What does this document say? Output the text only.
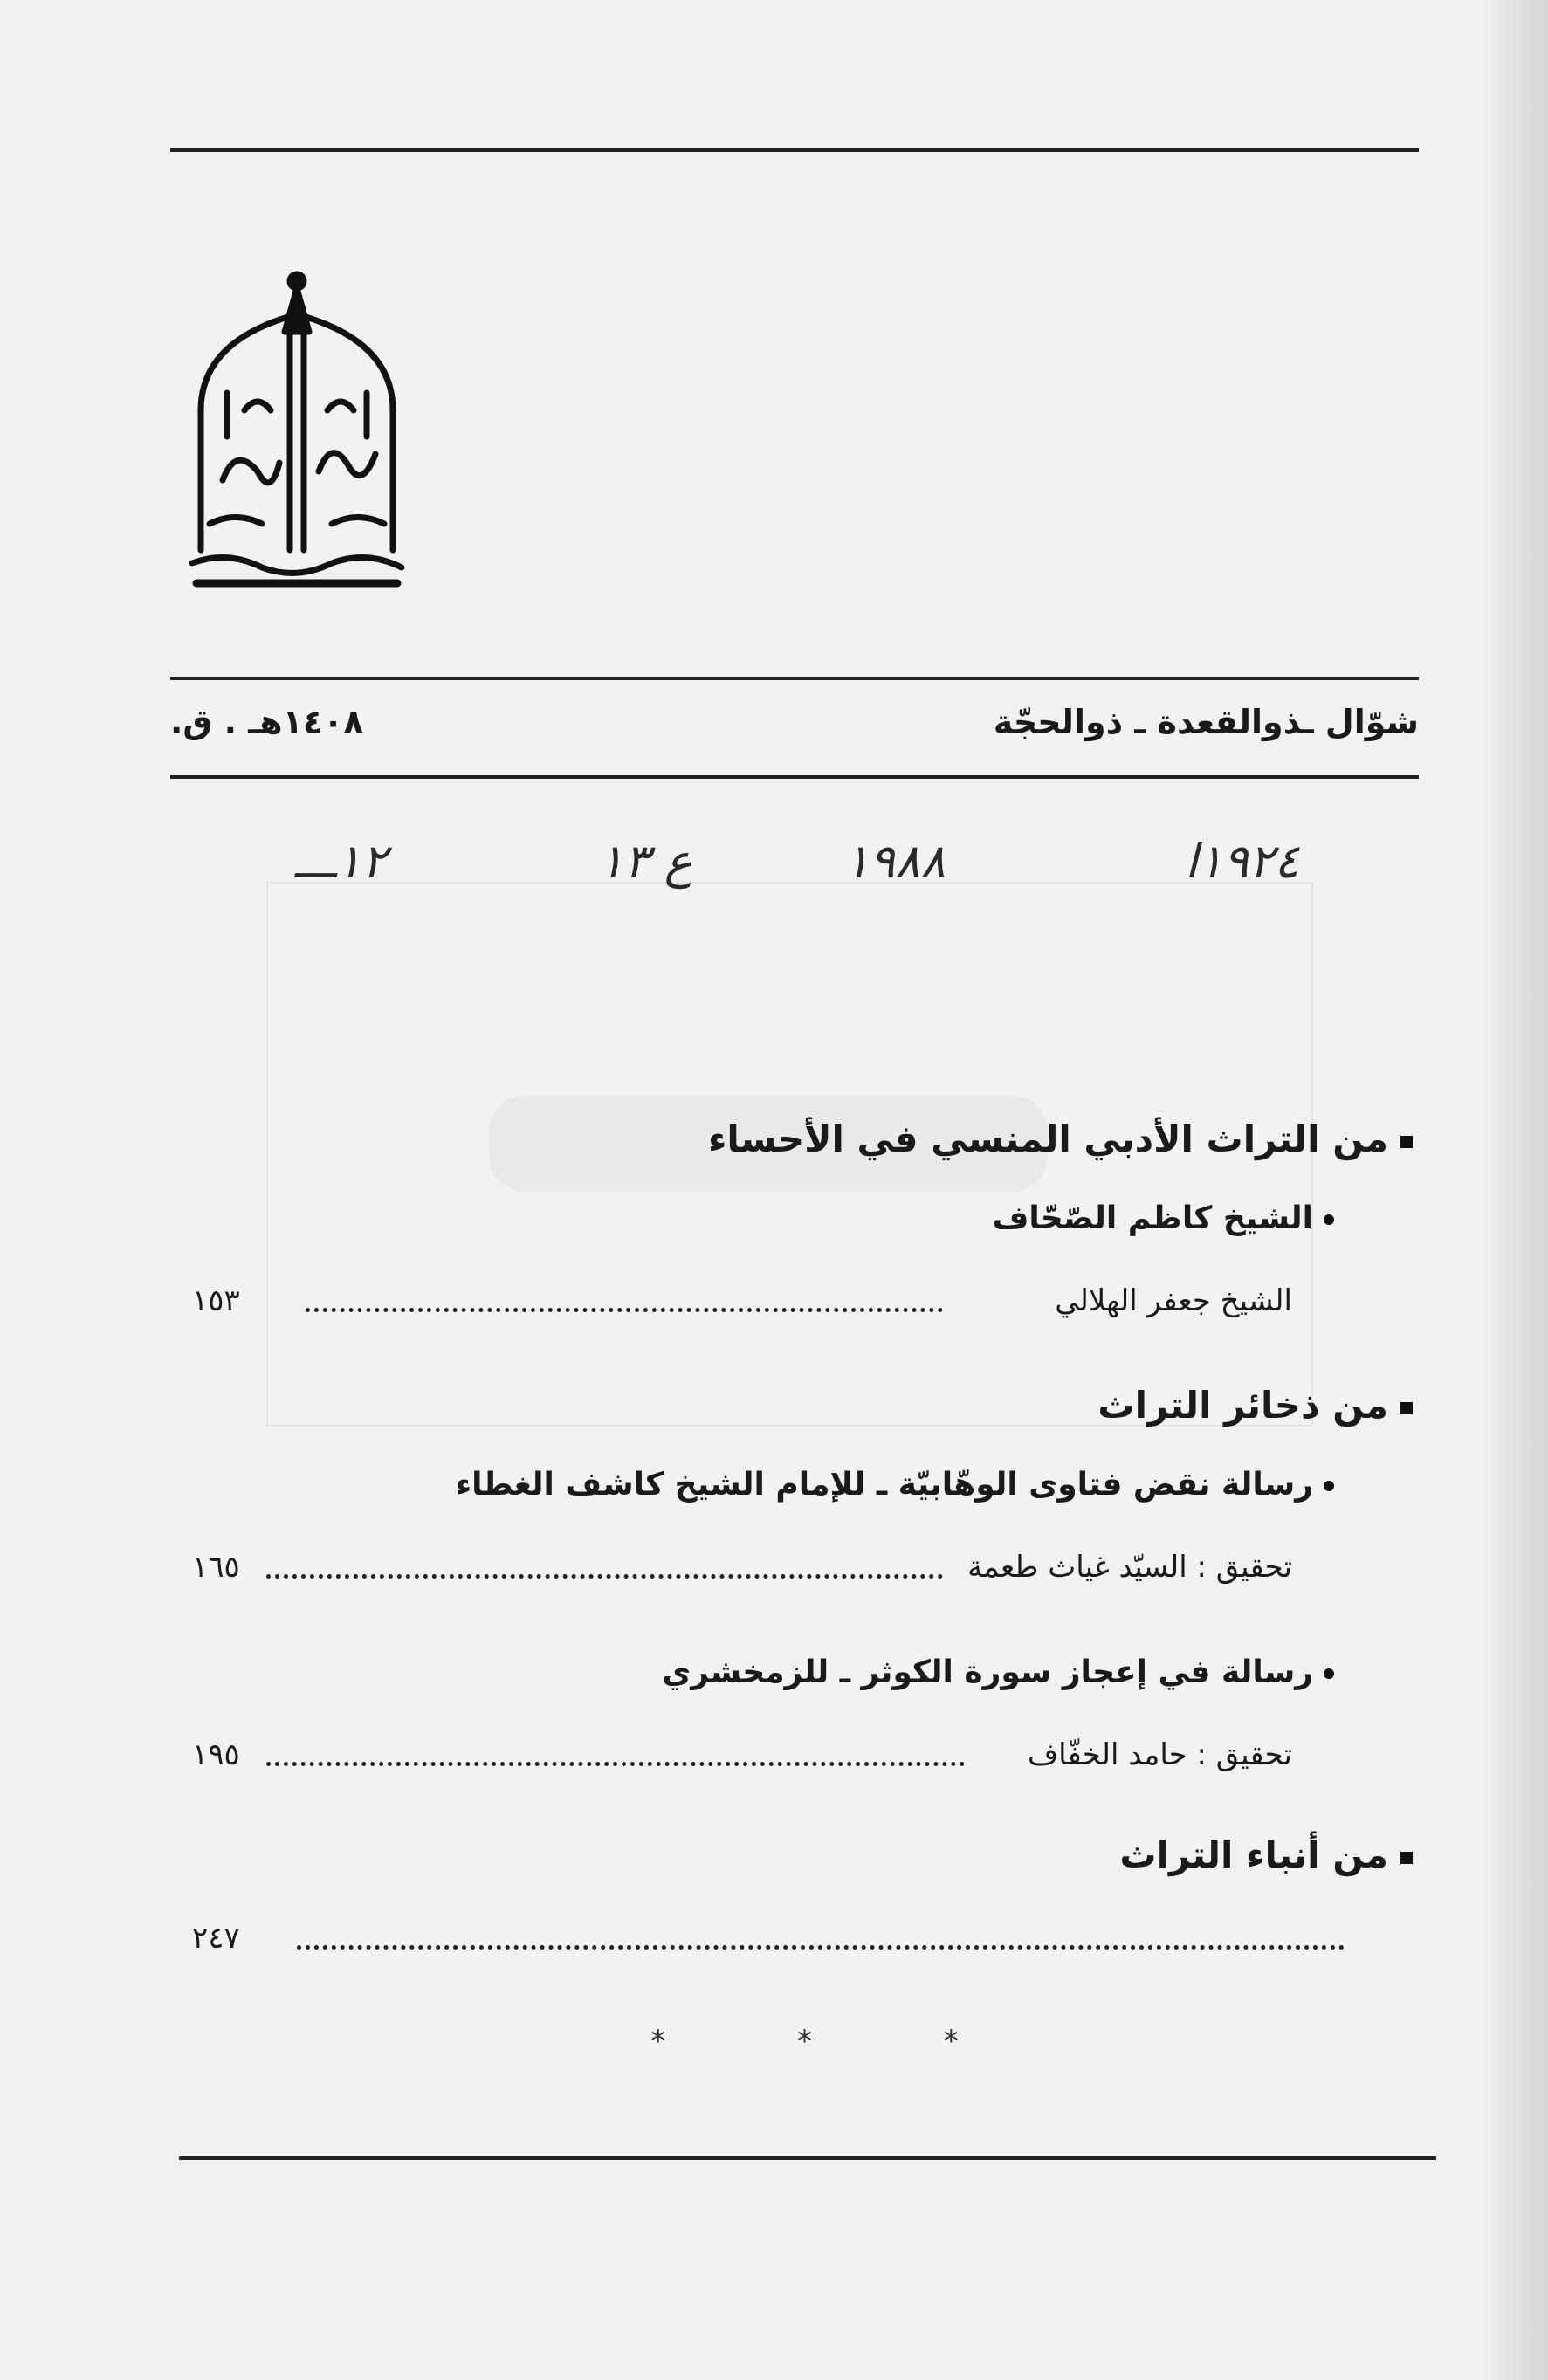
شوّال ـذوالقعدة ـ ذوالحجّة
١٤٠٨هـ . ق.
١٩٢٤ا
١٩٨٨
ع ١٣
١٢ـــ
من التراث الأدبي المنسي في الأحساء
الشيخ كاظم الصّحّاف
الشيخ جعفر الهلالي
١٥٣
من ذخائر التراث
رسالة نقض فتاوى الوهّابيّة ـ للإمام الشيخ كاشف الغطاء
تحقيق : السيّد غياث طعمة
١٦٥
رسالة في إعجاز سورة الكوثر ـ للزمخشري
تحقيق : حامد الخفّاف
١٩٥
من أنباء التراث
٢٤٧
* * *
